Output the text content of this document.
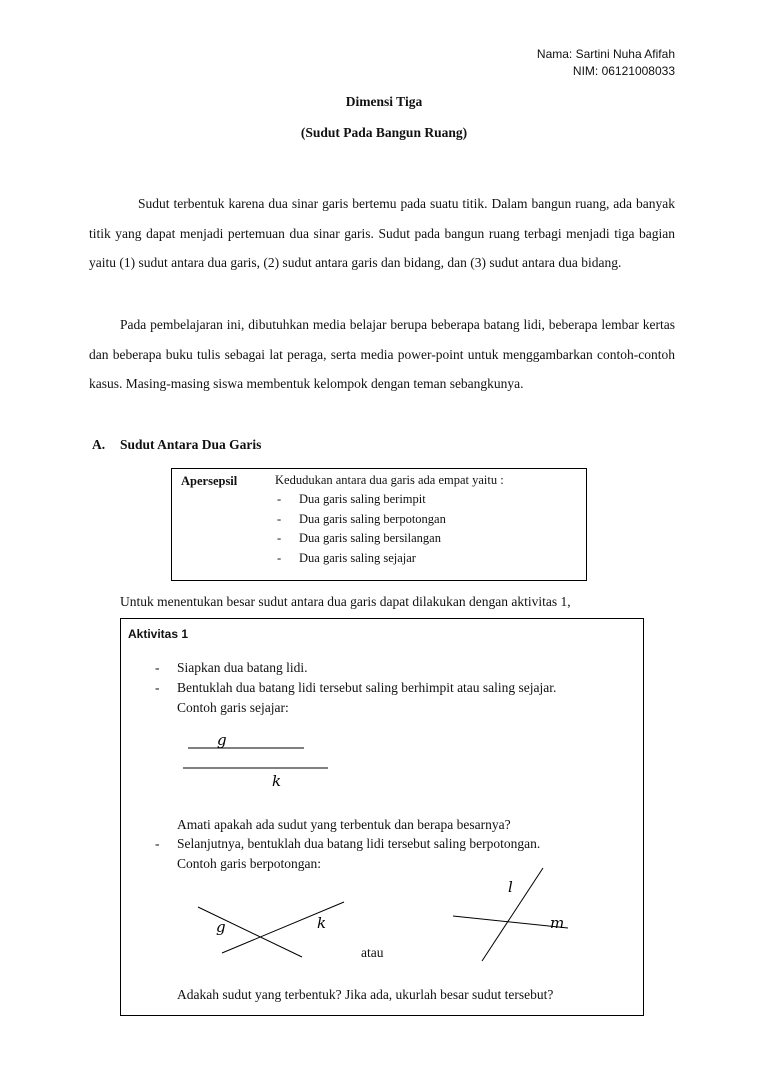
Nama: Sartini Nuha Afifah
NIM: 06121008033
Dimensi Tiga
(Sudut Pada Bangun Ruang)
Sudut terbentuk karena dua sinar garis bertemu pada suatu titik. Dalam bangun ruang, ada banyak titik yang dapat menjadi pertemuan dua sinar garis. Sudut pada bangun ruang terbagi menjadi tiga bagian yaitu (1) sudut antara dua garis, (2) sudut antara garis dan bidang, dan (3) sudut antara dua bidang.
Pada pembelajaran ini, dibutuhkan media belajar berupa beberapa batang lidi, beberapa lembar kertas dan beberapa buku tulis sebagai lat peraga, serta media power-point untuk menggambarkan contoh-contoh kasus. Masing-masing siswa membentuk kelompok dengan teman sebangkunya.
A. Sudut Antara Dua Garis
Apersepsil	Kedudukan antara dua garis ada empat yaitu :
- Dua garis saling berimpit
- Dua garis saling berpotongan
- Dua garis saling bersilangan
- Dua garis saling sejajar
Untuk menentukan besar sudut antara dua garis dapat dilakukan dengan aktivitas 1,
Aktivitas 1
- Siapkan dua batang lidi.
- Bentuklah dua batang lidi tersebut saling berhimpit atau saling sejajar.
Contoh garis sejajar:
g
k
Amati apakah ada sudut yang terbentuk dan berapa besarnya?
- Selanjutnya, bentuklah dua batang lidi tersebut saling berpotongan.
Contoh garis berpotongan:
g	k
l
m
atau
Adakah sudut yang terbentuk? Jika ada, ukurlah besar sudut tersebut?
